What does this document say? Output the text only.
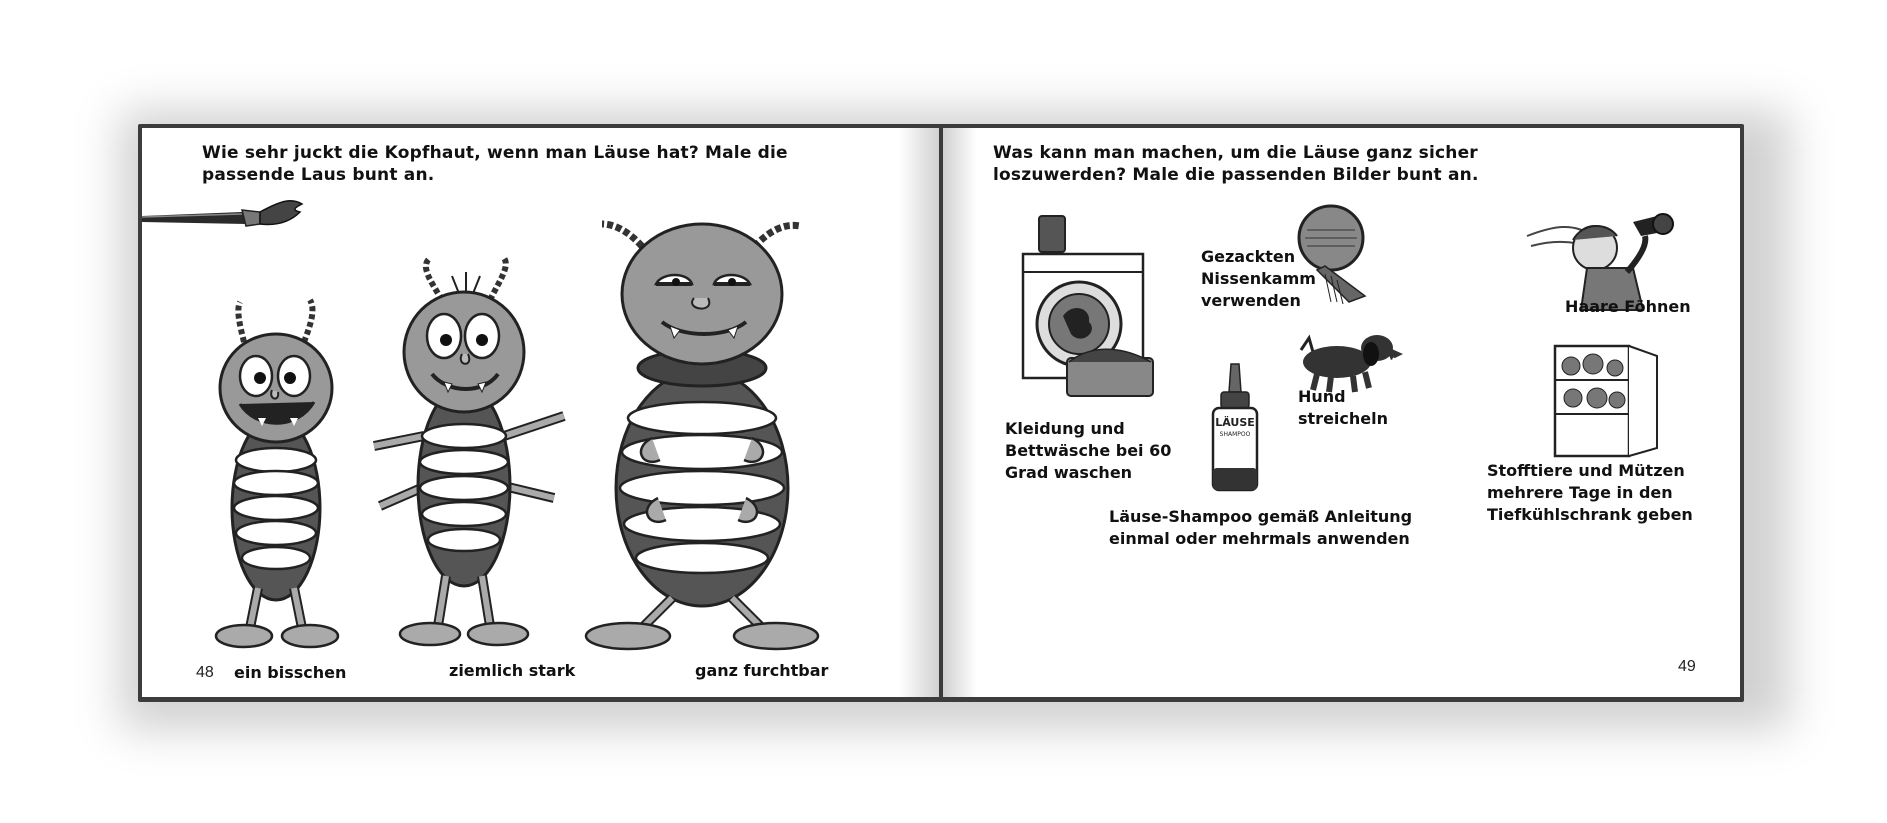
Wie sehr juckt die Kopfhaut, wenn man Läuse hat? Male die passende Laus bunt an.
48 ein bisschen	ziemlich stark	ganz furchtbar
Was kann man machen, um die Läuse ganz sicher loszuwerden? Male die passenden Bilder bunt an.
Kleidung und
Bettwäsche bei 60
Grad waschen
Gezackten
Nissenkamm
verwenden	Haare Föhnen
Hund
streicheln
LÄUSE
SHAMPOO
Läuse-Shampoo gemäß Anleitung
einmal oder mehrmals anwenden
Stofftiere und Mützen
mehrere Tage in den
Tiefkühlschrank geben
49
